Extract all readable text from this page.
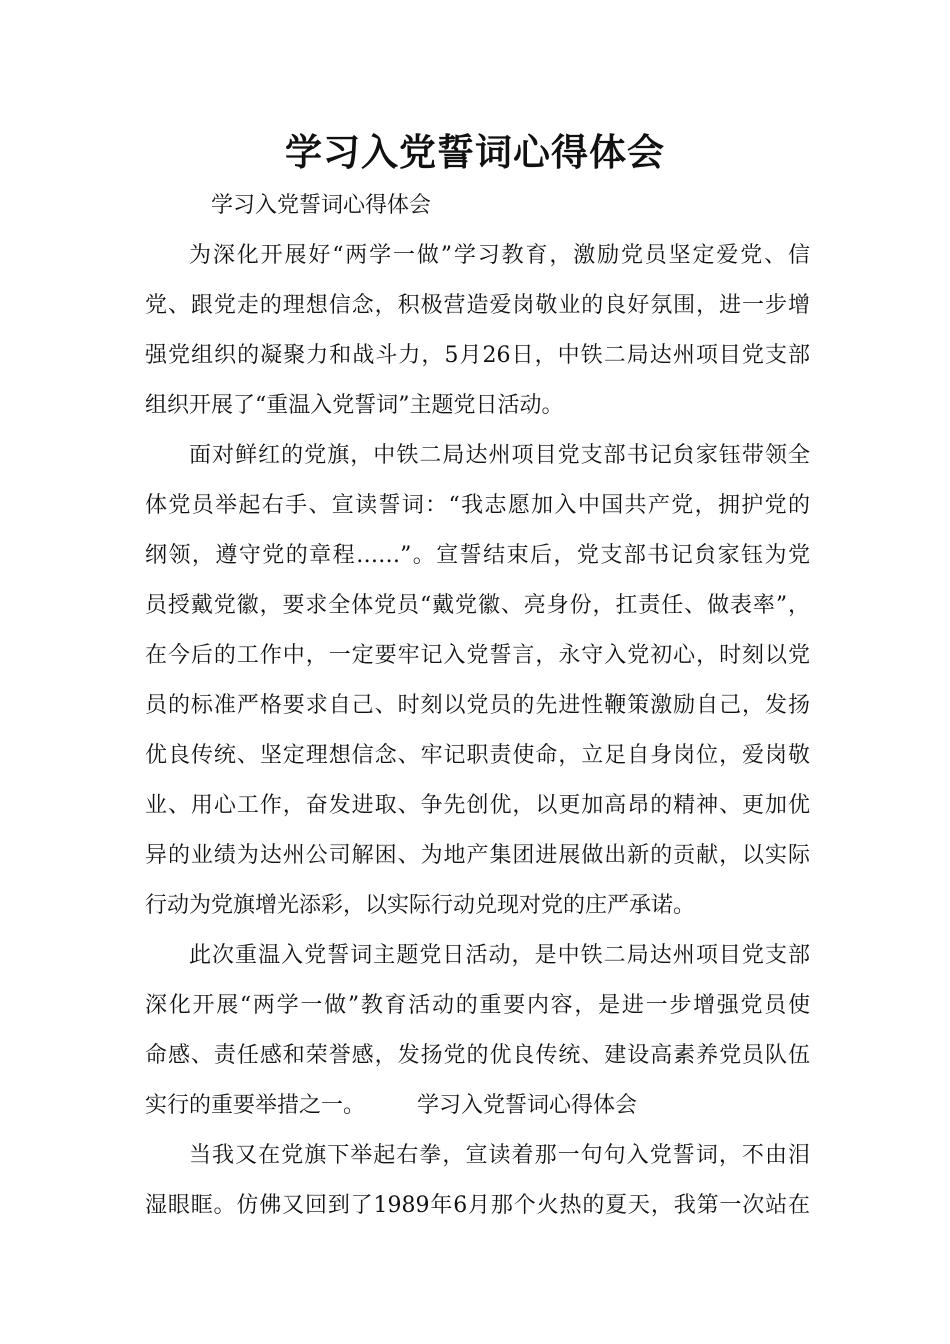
学习入党誓词心得体会
学习入党誓词心得体会
为深化开展好“两学一做”学习教育，激励党员坚定爱党、信
党、跟党走的理想信念，积极营造爱岗敬业的良好氛围，进一步增
强党组织的凝聚力和战斗力，5月26日，中铁二局达州项目党支部
组织开展了“重温入党誓词”主题党日活动。
面对鲜红的党旗，中铁二局达州项目党支部书记贠家钰带领全
体党员举起右手、宣读誓词：“我志愿加入中国共产党，拥护党的
纲领，遵守党的章程……”。宣誓结束后，党支部书记贠家钰为党
员授戴党徽，要求全体党员“戴党徽、亮身份，扛责任、做表率”，
在今后的工作中，一定要牢记入党誓言，永守入党初心，时刻以党
员的标准严格要求自己、时刻以党员的先进性鞭策激励自己，发扬
优良传统、坚定理想信念、牢记职责使命，立足自身岗位，爱岗敬
业、用心工作，奋发进取、争先创优，以更加高昂的精神、更加优
异的业绩为达州公司解困、为地产集团进展做出新的贡献，以实际
行动为党旗增光添彩，以实际行动兑现对党的庄严承诺。
此次重温入党誓词主题党日活动，是中铁二局达州项目党支部
深化开展“两学一做”教育活动的重要内容，是进一步增强党员使
命感、责任感和荣誉感，发扬党的优良传统、建设高素养党员队伍
实行的重要举措之一。 学习入党誓词心得体会
当我又在党旗下举起右拳，宣读着那一句句入党誓词，不由泪
湿眼眶。仿佛又回到了1989年6月那个火热的夏天，我第一次站在
